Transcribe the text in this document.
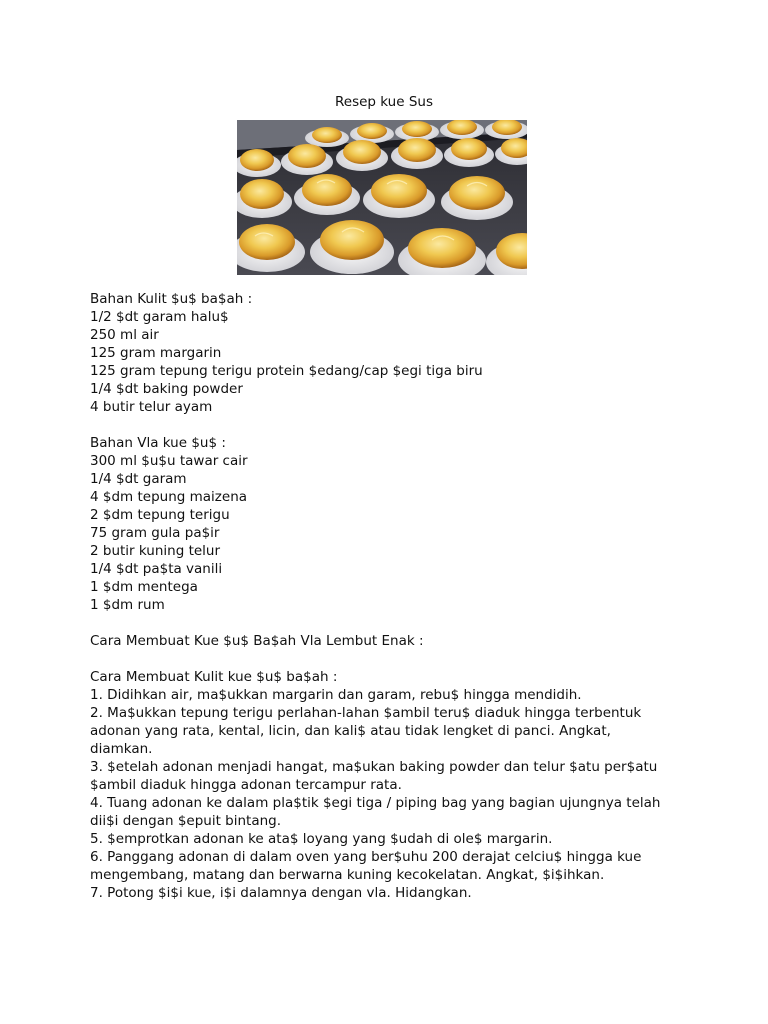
Resep kue Sus
Bahan Kulit $u$ ba$ah :
1/2 $dt garam halu$
250 ml air
125 gram margarin
125 gram tepung terigu protein $edang/cap $egi tiga biru
1/4 $dt baking powder
4 butir telur ayam
Bahan Vla kue $u$ :
300 ml $u$u tawar cair
1/4 $dt garam
4 $dm tepung maizena
2 $dm tepung terigu
75 gram gula pa$ir
2 butir kuning telur
1/4 $dt pa$ta vanili
1 $dm mentega
1 $dm rum
Cara Membuat Kue $u$ Ba$ah Vla Lembut Enak :
Cara Membuat Kulit kue $u$ ba$ah :
1. Didihkan air, ma$ukkan margarin dan garam, rebu$ hingga mendidih.
2. Ma$ukkan tepung terigu perlahan-lahan $ambil teru$ diaduk hingga terbentuk
adonan yang rata, kental, licin, dan kali$ atau tidak lengket di panci. Angkat,
diamkan.
3. $etelah adonan menjadi hangat, ma$ukan baking powder dan telur $atu per$atu
$ambil diaduk hingga adonan tercampur rata.
4. Tuang adonan ke dalam pla$tik $egi tiga / piping bag yang bagian ujungnya telah
dii$i dengan $epuit bintang.
5. $emprotkan adonan ke ata$ loyang yang $udah di ole$ margarin.
6. Panggang adonan di dalam oven yang ber$uhu 200 derajat celciu$ hingga kue
mengembang, matang dan berwarna kuning kecokelatan. Angkat, $i$ihkan.
7. Potong $i$i kue, i$i dalamnya dengan vla. Hidangkan.
